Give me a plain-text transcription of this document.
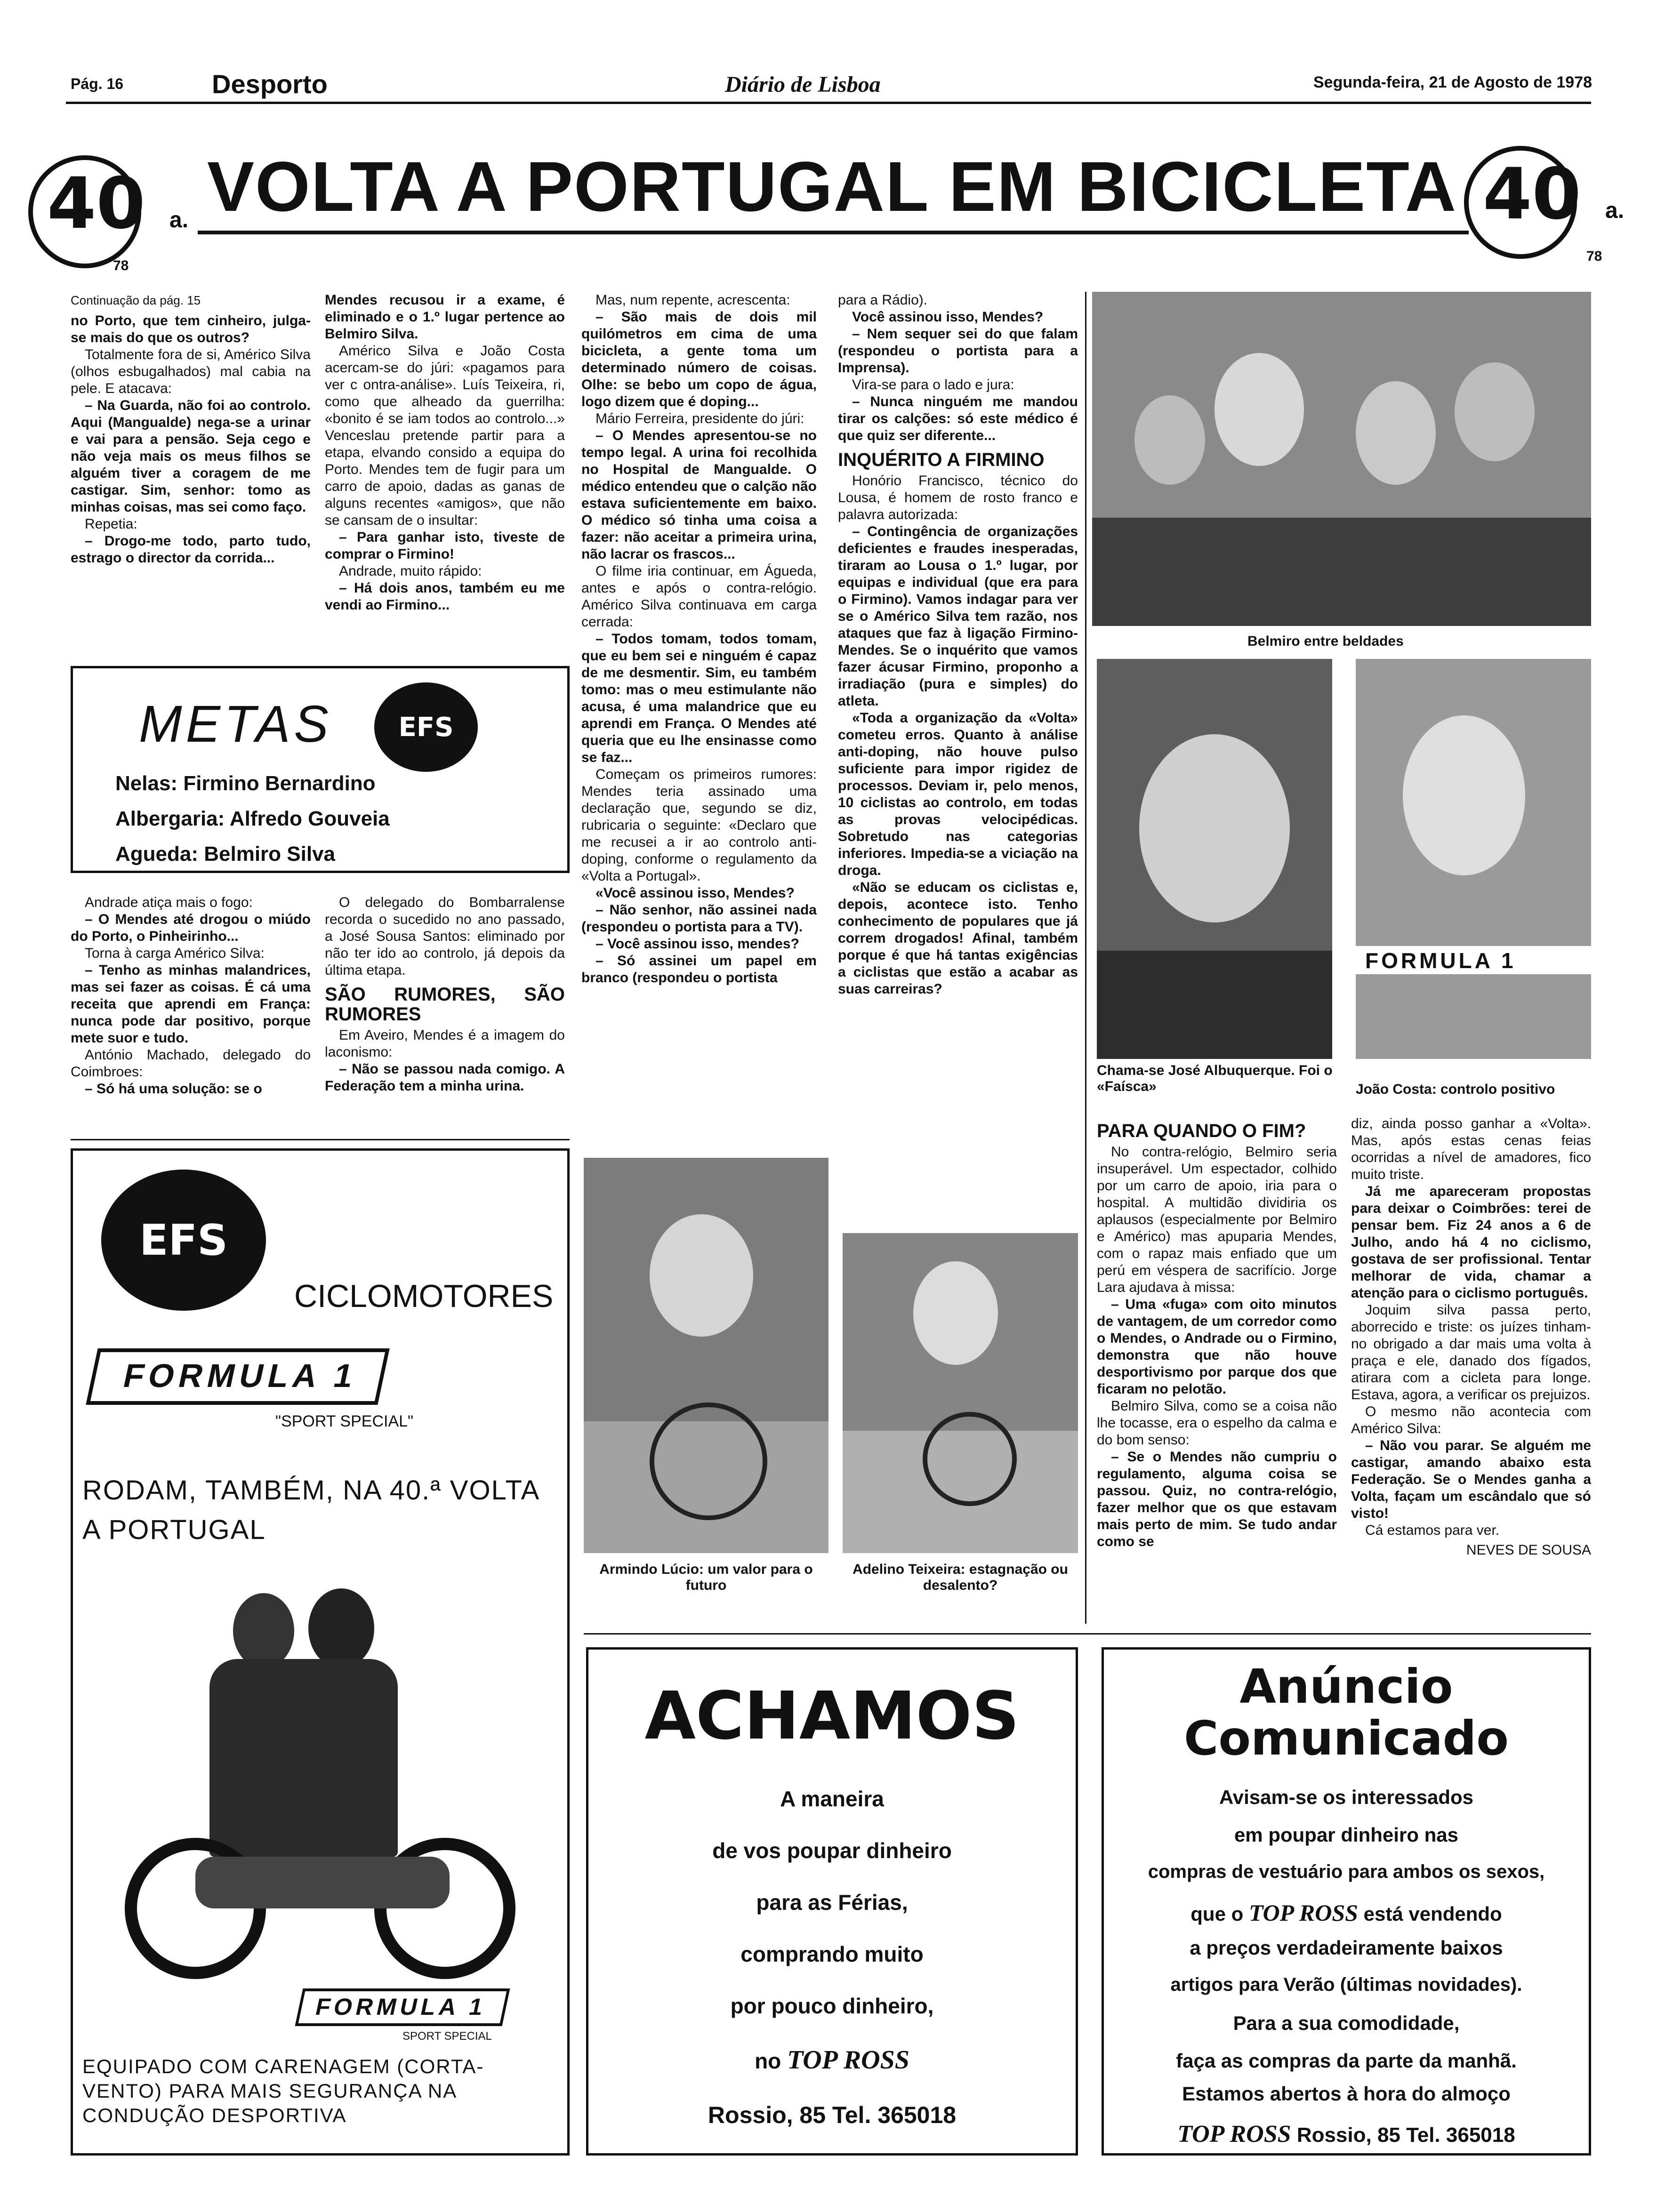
Pág. 16	Desporto	Diário de Lisboa	Segunda-feira, 21 de Agosto de 1978
40 a.
78
VOLTA A PORTUGAL EM BICICLETA 40 a.
78

Continuação da pág. 15

no Porto, que tem cinheiro, julga-se mais do que os outros?

Totalmente fora de si, Américo Silva (olhos esbugalhados) mal cabia na pele. E atacava:

– Na Guarda, não foi ao controlo. Aqui (Mangualde) nega-se a urinar e vai para a pensão. Seja cego e não veja mais os meus filhos se alguém tiver a coragem de me castigar. Sim, senhor: tomo as minhas coisas, mas sei como faço.

Repetia:

– Drogo-me todo, parto tudo, estrago o director da corrida...

Mendes recusou ir a exame, é eliminado e o 1.º lugar pertence ao Belmiro Silva.

Américo Silva e João Costa acercam-se do júri: «pagamos para ver c ontra-análise». Luís Teixeira, ri, como que alheado da guerrilha: «bonito é se iam todos ao controlo...» Venceslau pretende partir para a etapa, elvando consido a equipa do Porto. Mendes tem de fugir para um carro de apoio, dadas as ganas de alguns recentes «amigos», que não se cansam de o insultar:

– Para ganhar isto, tiveste de comprar o Firmino!

Andrade, muito rápido:

– Há dois anos, também eu me vendi ao Firmino...

METAS	EFS
Nelas: Firmino Bernardino
Albergaria: Alfredo Gouveia
Agueda: Belmiro Silva

Andrade atiça mais o fogo:

– O Mendes até drogou o miúdo do Porto, o Pinheirinho...

Torna à carga Américo Silva:

– Tenho as minhas malandrices, mas sei fazer as coisas. É cá uma receita que aprendi em França: nunca pode dar positivo, porque mete suor e tudo.

António Machado, delegado do Coimbroes:

– Só há uma solução: se o

O delegado do Bombarralense recorda o sucedido no ano passado, a José Sousa Santos: eliminado por não ter ido ao controlo, já depois da última etapa.

SÃO RUMORES, SÃO RUMORES

Em Aveiro, Mendes é a imagem do laconismo:

– Não se passou nada comigo. A Federação tem a minha urina.

Mas, num repente, acrescenta:

– São mais de dois mil quilómetros em cima de uma bicicleta, a gente toma um determinado número de coisas. Olhe: se bebo um copo de água, logo dizem que é doping...

Mário Ferreira, presidente do júri:

– O Mendes apresentou-se no tempo legal. A urina foi recolhida no Hospital de Mangualde. O médico entendeu que o calção não estava suficientemente em baixo. O médico só tinha uma coisa a fazer: não aceitar a primeira urina, não lacrar os frascos...

O filme iria continuar, em Águeda, antes e após o contra-relógio. Américo Silva continuava em carga cerrada:

– Todos tomam, todos tomam, que eu bem sei e ninguém é capaz de me desmentir. Sim, eu também tomo: mas o meu estimulante não acusa, é uma malandrice que eu aprendi em França. O Mendes até queria que eu lhe ensinasse como se faz...

Começam os primeiros rumores: Mendes teria assinado uma declaração que, segundo se diz, rubricaria o seguinte: «Declaro que me recusei a ir ao controlo anti-doping, conforme o regulamento da «Volta a Portugal».

«Você assinou isso, Mendes?

– Não senhor, não assinei nada (respondeu o portista para a TV).

– Você assinou isso, mendes?

– Só assinei um papel em branco (respondeu o portista

para a Rádio).

Você assinou isso, Mendes?

– Nem sequer sei do que falam (respondeu o portista para a Imprensa).

Vira-se para o lado e jura:

– Nunca ninguém me mandou tirar os calções: só este médico é que quiz ser diferente...

INQUÉRITO A FIRMINO

Honório Francisco, técnico do Lousa, é homem de rosto franco e palavra autorizada:

– Contingência de organizações deficientes e fraudes inesperadas, tiraram ao Lousa o 1.º lugar, por equipas e individual (que era para o Firmino). Vamos indagar para ver se o Américo Silva tem razão, nos ataques que faz à ligação Firmino-Mendes. Se o inquérito que vamos fazer ácusar Firmino, proponho a irradiação (pura e simples) do atleta.

«Toda a organização da «Volta» cometeu erros. Quanto à análise anti-doping, não houve pulso suficiente para impor rigidez de processos. Deviam ir, pelo menos, 10 ciclistas ao controlo, em todas as provas velocipédicas. Sobretudo nas categorias inferiores. Impedia-se a viciação na droga.

«Não se educam os ciclistas e, depois, acontece isto. Tenho conhecimento de populares que já correm drogados! Afinal, também porque é que há tantas exigências a ciclistas que estão a acabar as suas carreiras?

Belmiro entre beldades
FORMULA 1
Chama-se José Albuquerque. Foi o «Faísca»	João Costa: controlo positivo
PARA QUANDO O FIM?

No contra-relógio, Belmiro seria insuperável. Um espectador, colhido por um carro de apoio, iria para o hospital. A multidão dividiria os aplausos (especialmente por Belmiro e Américo) mas apuparia Mendes, com o rapaz mais enfiado que um perú em véspera de sacrifício. Jorge Lara ajudava à missa:

– Uma «fuga» com oito minutos de vantagem, de um corredor como o Mendes, o Andrade ou o Firmino, demonstra que não houve desportivismo por parque dos que ficaram no pelotão.

Belmiro Silva, como se a coisa não lhe tocasse, era o espelho da calma e do bom senso:

– Se o Mendes não cumpriu o regulamento, alguma coisa se passou. Quiz, no contra-relógio, fazer melhor que os que estavam mais perto de mim. Se tudo andar como se

diz, ainda posso ganhar a «Volta». Mas, após estas cenas feias ocorridas a nível de amadores, fico muito triste.

Já me apareceram propostas para deixar o Coimbrões: terei de pensar bem. Fiz 24 anos a 6 de Julho, ando há 4 no ciclismo, gostava de ser profissional. Tentar melhorar de vida, chamar a atenção para o ciclismo português.

Joquim silva passa perto, aborrecido e triste: os juízes tinham-no obrigado a dar mais uma volta à praça e ele, danado dos fígados, atirara com a cicleta para longe. Estava, agora, a verificar os prejuizos.

O mesmo não acontecia com Américo Silva:

– Não vou parar. Se alguém me castigar, amando abaixo esta Federação. Se o Mendes ganha a Volta, façam um escândalo que só visto!

Cá estamos para ver.

NEVES DE SOUSA
Armindo Lúcio: um valor para o futuro
Adelino Teixeira: estagnação ou desalento?
EFS
CICLOMOTORES
FORMULA 1
"SPORT SPECIAL"
RODAM, TAMBÉM, NA 40.ª VOLTA A PORTUGAL
FORMULA 1
SPORT SPECIAL
EQUIPADO COM CARENAGEM (CORTA-VENTO) PARA MAIS SEGURANÇA NA CONDUÇÃO DESPORTIVA
ACHAMOS
A maneira
de vos poupar dinheiro
para as Férias,
comprando muito
por pouco dinheiro,
no TOP ROSS
Rossio, 85 Tel. 365018
Anúncio
Comunicado
Avisam-se os interessados
em poupar dinheiro nas
compras de vestuário para ambos os sexos,
que o TOP ROSS está vendendo
a preços verdadeiramente baixos
artigos para Verão (últimas novidades).
Para a sua comodidade,
faça as compras da parte da manhã.
Estamos abertos à hora do almoço
TOP ROSS Rossio, 85 Tel. 365018
